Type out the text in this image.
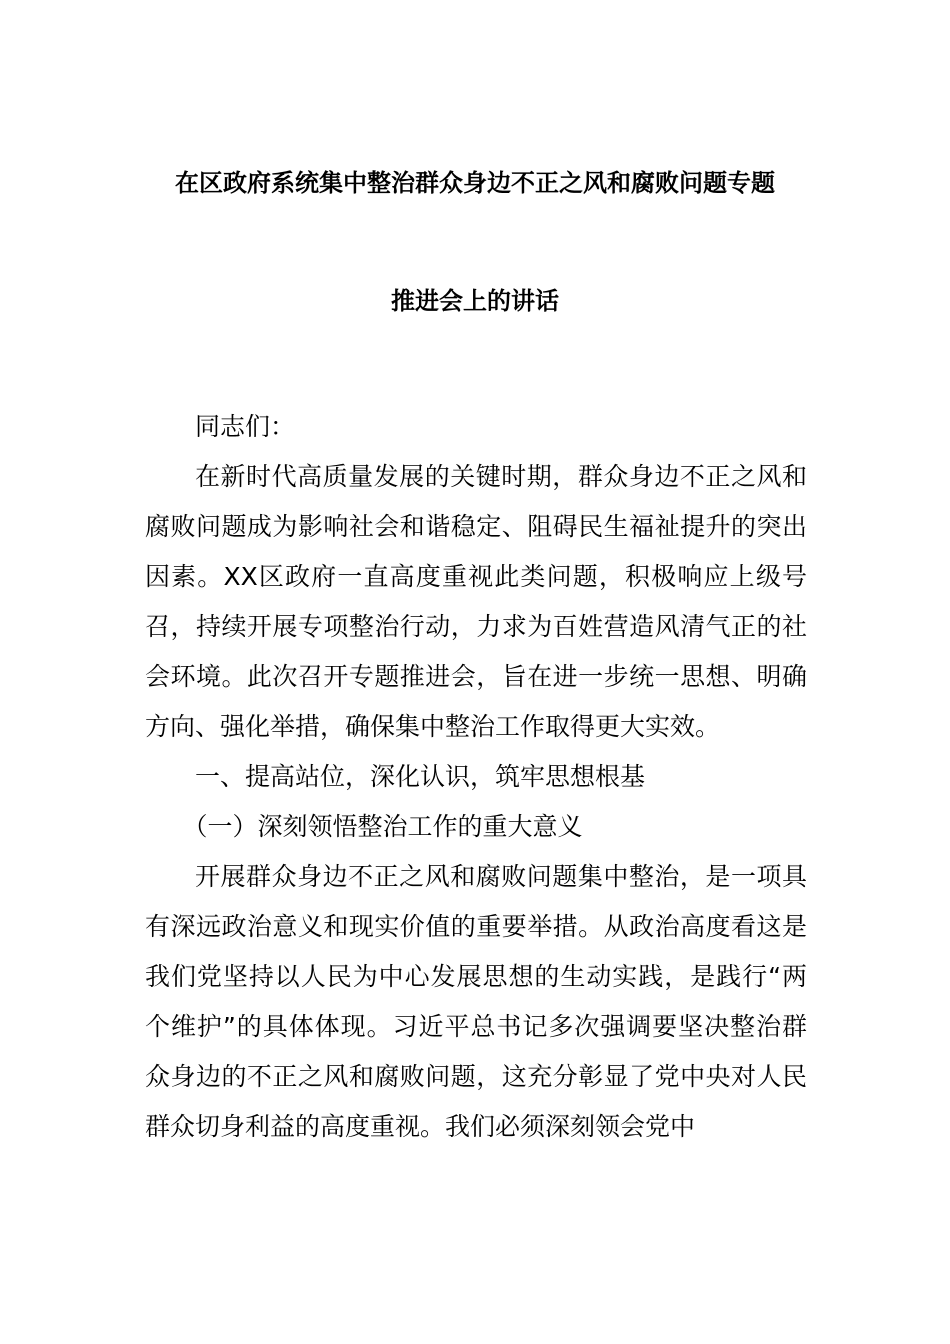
在区政府系统集中整治群众身边不正之风和腐败问题专题
推进会上的讲话

同志们：

在新时代高质量发展的关键时期，群众身边不正之风和腐败问题成为影响社会和谐稳定、阻碍民生福祉提升的突出因素。XX区政府一直高度重视此类问题，积极响应上级号召，持续开展专项整治行动，力求为百姓营造风清气正的社会环境。此次召开专题推进会，旨在进一步统一思想、明确方向、强化举措，确保集中整治工作取得更大实效。

一、提高站位，深化认识，筑牢思想根基

（一）深刻领悟整治工作的重大意义

开展群众身边不正之风和腐败问题集中整治，是一项具有深远政治意义和现实价值的重要举措。从政治高度看这是我们党坚持以人民为中心发展思想的生动实践，是践行“两个维护”的具体体现。习近平总书记多次强调要坚决整治群众身边的不正之风和腐败问题，这充分彰显了党中央对人民群众切身利益的高度重视。我们必须深刻领会党中
